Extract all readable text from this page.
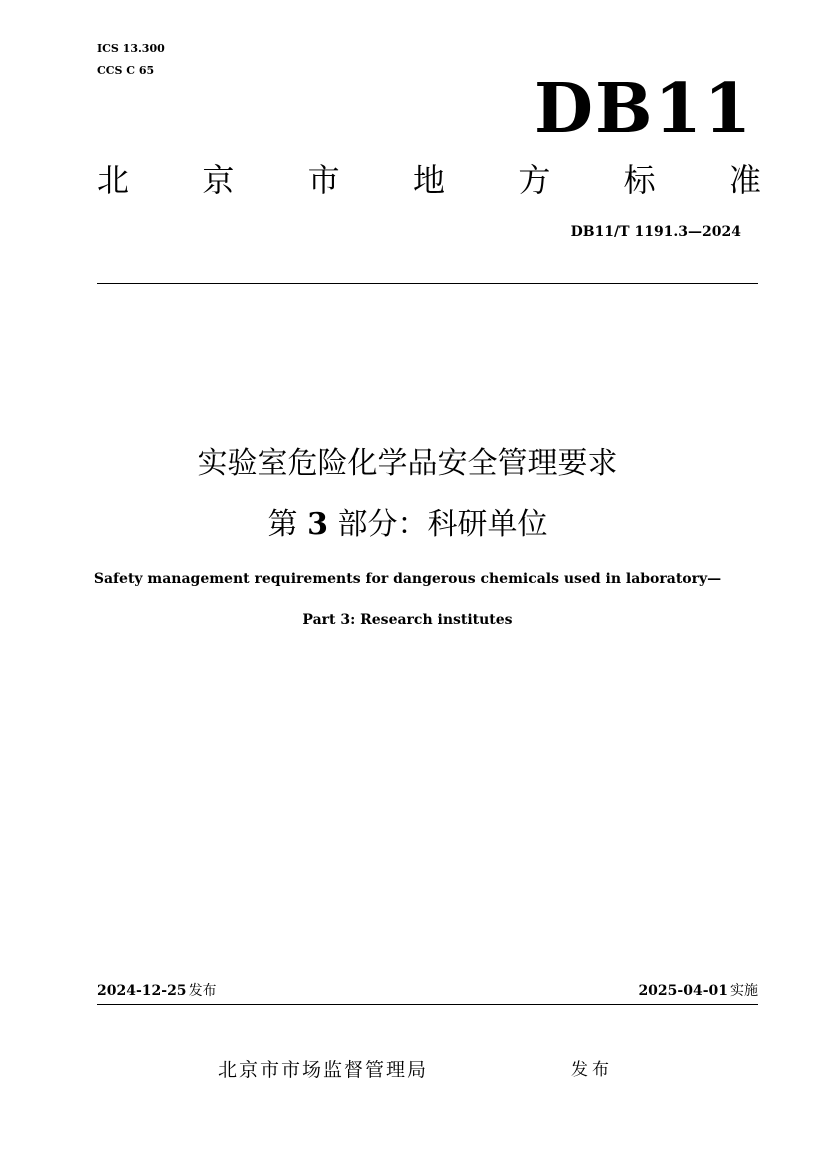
ICS 13.300
CCS C 65	DB11
北 京 市 地 方 标 准
DB11/T 1191.3—2024
实验室危险化学品安全管理要求
第 3 部分：科研单位
Safety management requirements for dangerous chemicals used in laboratory—
Part 3: Research institutes
2024-12-25 发布	2025-04-01 实施
北京市市场监督管理局	发布
